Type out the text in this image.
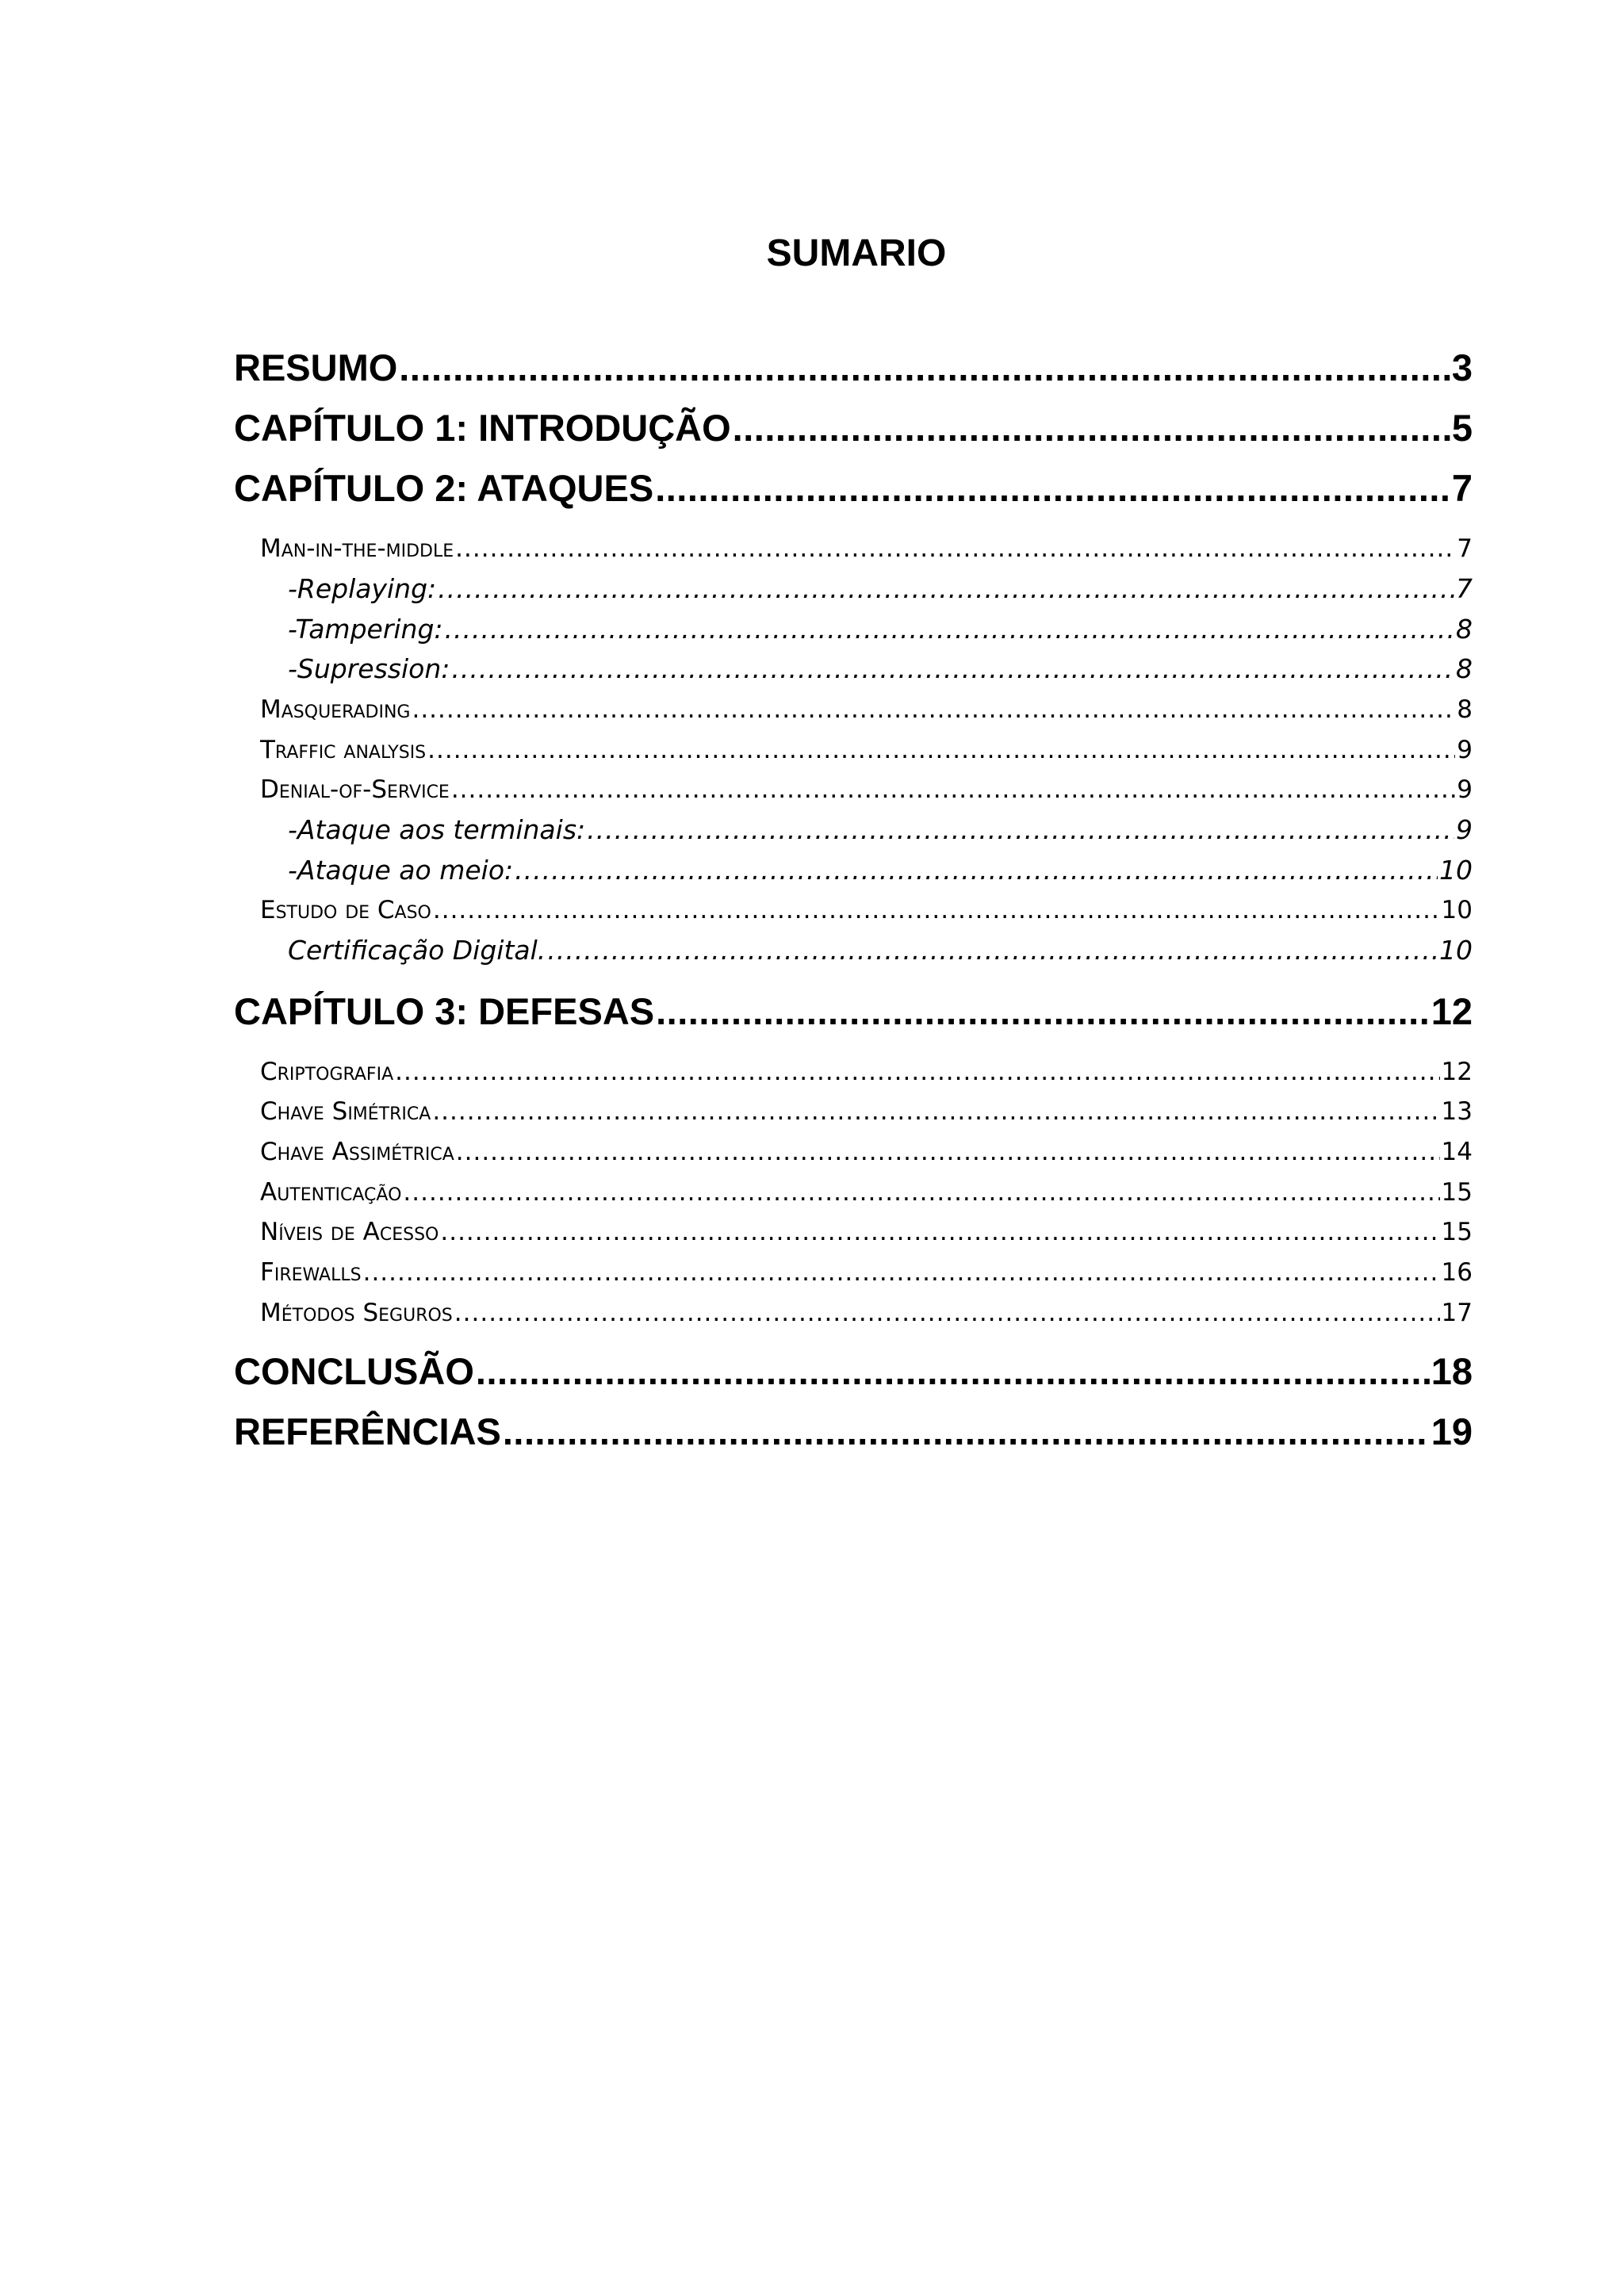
SUMARIO
RESUMO .....	3
CAPÍTULO 1: INTRODUÇÃO .....	5
CAPÍTULO 2: ATAQUES .....	7
Man-in-the-middle .....	7
-Replaying: .....	7
-Tampering: .....	8
-Supression: .....	8
Masquerading .....	8
Traffic analysis .....	9
Denial-of-Service .....	9
-Ataque aos terminais: .....	9
-Ataque ao meio: .....	10
Estudo de Caso .....	10
Certificação Digital. .....	10
CAPÍTULO 3: DEFESAS .....	12
Criptografia .....	12
Chave Simétrica .....	13
Chave Assimétrica .....	14
Autenticação .....	15
Níveis de Acesso .....	15
Firewalls .....	16
Métodos Seguros .....	17
CONCLUSÃO .....	18
REFERÊNCIAS .....	19
